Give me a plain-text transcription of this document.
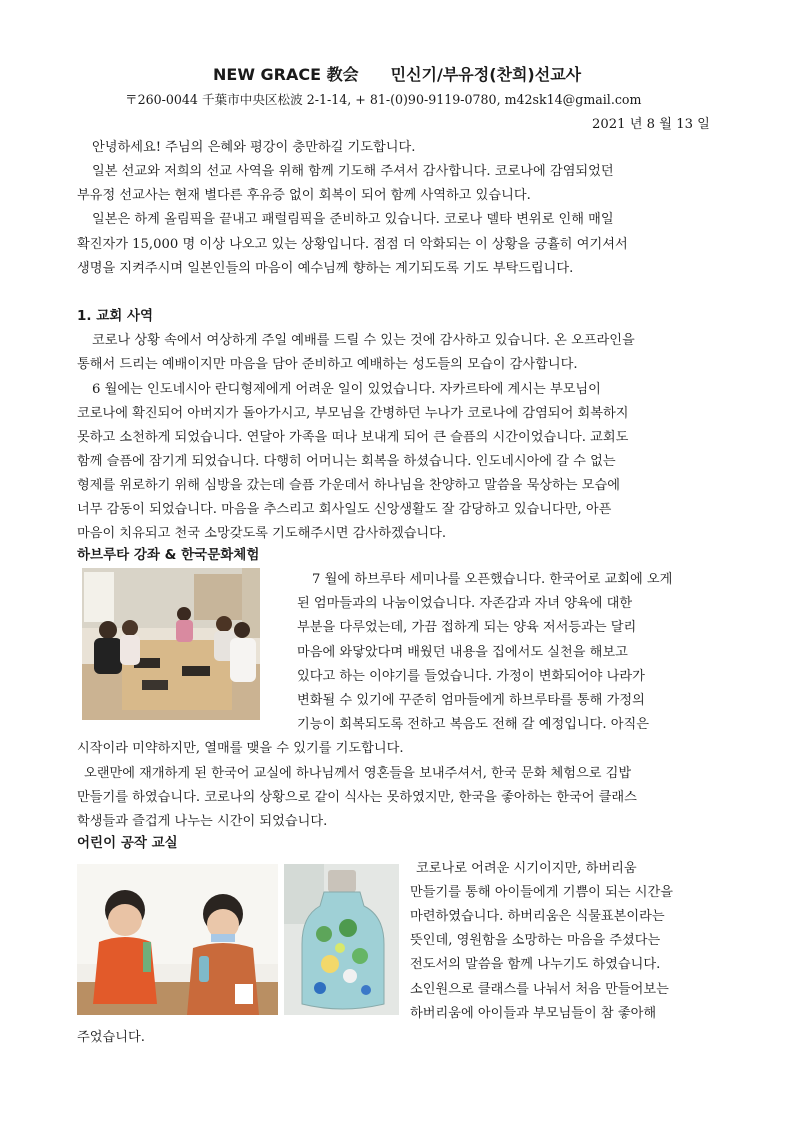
NEW GRACE 教会　　민신기/부유정(찬희)선교사
〒260-0044 千葉市中央区松波 2-1-14, + 81-(0)90-9119-0780, m42sk14@gmail.com
2021 년 8 월 13 일
안녕하세요! 주님의 은혜와 평강이 충만하길 기도합니다.
일본 선교와 저희의 선교 사역을 위해 함께 기도해 주셔서 감사합니다. 코로나에 감염되었던
부유정 선교사는 현재 별다른 후유증 없이 회복이 되어 함께 사역하고 있습니다.
일본은 하계 올림픽을 끝내고 패럴림픽을 준비하고 있습니다. 코로나 델타 변위로 인해 매일
확진자가 15,000 명 이상 나오고 있는 상황입니다. 점점 더 악화되는 이 상황을 긍휼히 여기셔서
생명을 지켜주시며 일본인들의 마음이 예수님께 향하는 계기되도록 기도 부탁드립니다.
1. 교회 사역
코로나 상황 속에서 여상하게 주일 예배를 드릴 수 있는 것에 감사하고 있습니다. 온 오프라인을
통해서 드리는 예배이지만 마음을 담아 준비하고 예배하는 성도들의 모습이 감사합니다.
6 월에는 인도네시아 란디형제에게 어려운 일이 있었습니다. 자카르타에 계시는 부모님이
코로나에 확진되어 아버지가 돌아가시고, 부모님을 간병하던 누나가 코로나에 감염되어 회복하지
못하고 소천하게 되었습니다. 연달아 가족을 떠나 보내게 되어 큰 슬픔의 시간이었습니다. 교회도
함께 슬픔에 잠기게 되었습니다. 다행히 어머니는 회복을 하셨습니다. 인도네시아에 갈 수 없는
형제를 위로하기 위해 심방을 갔는데 슬픔 가운데서 하나님을 찬양하고 말씀을 묵상하는 모습에
너무 감동이 되었습니다. 마음을 추스리고 회사일도 신앙생활도 잘 감당하고 있습니다만, 아픈
마음이 치유되고 천국 소망갖도록 기도해주시면 감사하겠습니다.
하브루타 강좌 & 한국문화체험
7 월에 하브루타 세미나를 오픈했습니다. 한국어로 교회에 오게
된 엄마들과의 나눔이었습니다. 자존감과 자녀 양육에 대한
부분을 다루었는데, 가끔 접하게 되는 양육 저서등과는 달리
마음에 와닿았다며 배웠던 내용을 집에서도 실천을 해보고
있다고 하는 이야기를 들었습니다. 가정이 변화되어야 나라가
변화될 수 있기에 꾸준히 엄마들에게 하브루타를 통해 가정의
기능이 회복되도록 전하고 복음도 전해 갈 예정입니다. 아직은
시작이라 미약하지만, 열매를 맺을 수 있기를 기도합니다.
오랜만에 재개하게 된 한국어 교실에 하나님께서 영혼들을 보내주셔서, 한국 문화 체험으로 김밥
만들기를 하였습니다. 코로나의 상황으로 같이 식사는 못하였지만, 한국을 좋아하는 한국어 클래스
학생들과 즐겁게 나누는 시간이 되었습니다.
어린이 공작 교실
코로나로 어려운 시기이지만, 하버리움
만들기를 통해 아이들에게 기쁨이 되는 시간을
마련하였습니다. 하버리움은 식물표본이라는
뜻인데, 영원함을 소망하는 마음을 주셨다는
전도서의 말씀을 함께 나누기도 하였습니다.
소인원으로 클래스를 나눠서 처음 만들어보는
하버리움에 아이들과 부모님들이 참 좋아해
주었습니다.
